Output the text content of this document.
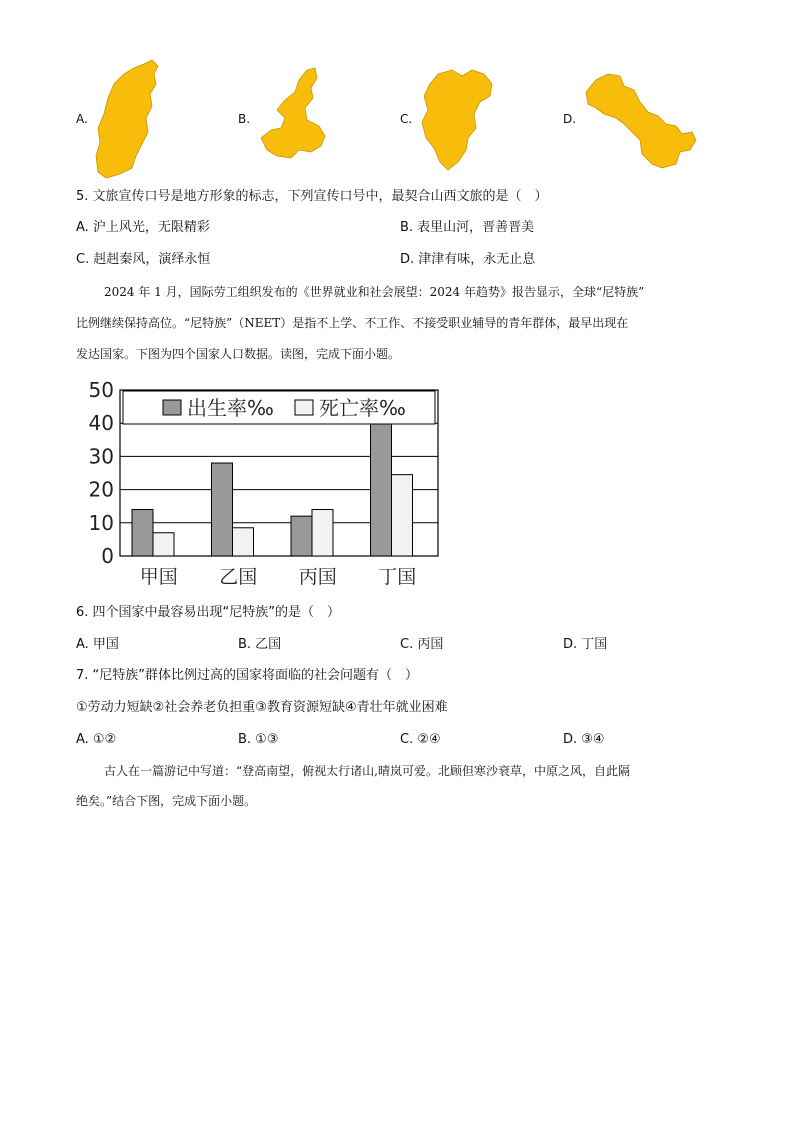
A.	B.	C.	D.
5. 文旅宣传口号是地方形象的标志，下列宣传口号中，最契合山西文旅的是（　）
A. 沪上风光，无限精彩	B. 表里山河，晋善晋美
C. 赳赳秦风，演绎永恒	D. 津津有味，永无止息
2024 年 1 月，国际劳工组织发布的《世界就业和社会展望：2024 年趋势》报告显示，全球“尼特族”
比例继续保持高位。“尼特族”（NEET）是指不上学、不工作、不接受职业辅导的青年群体，最早出现在
发达国家。下图为四个国家人口数据。读图，完成下面小题。
0
10
20
30
40
50
甲国 乙国 丙国 丁国
出生率‰ 死亡率‰
6. 四个国家中最容易出现“尼特族”的是（　）
A. 甲国	B. 乙国	C. 丙国	D. 丁国
7. “尼特族”群体比例过高的国家将面临的社会问题有（　）
①劳动力短缺②社会养老负担重③教育资源短缺④青壮年就业困难
A. ①②	B. ①③	C. ②④	D. ③④
古人在一篇游记中写道：“登高南望，俯视太行诸山,晴岚可爱。北顾但寒沙衰草，中原之风，自此隔
绝矣。”结合下图，完成下面小题。
